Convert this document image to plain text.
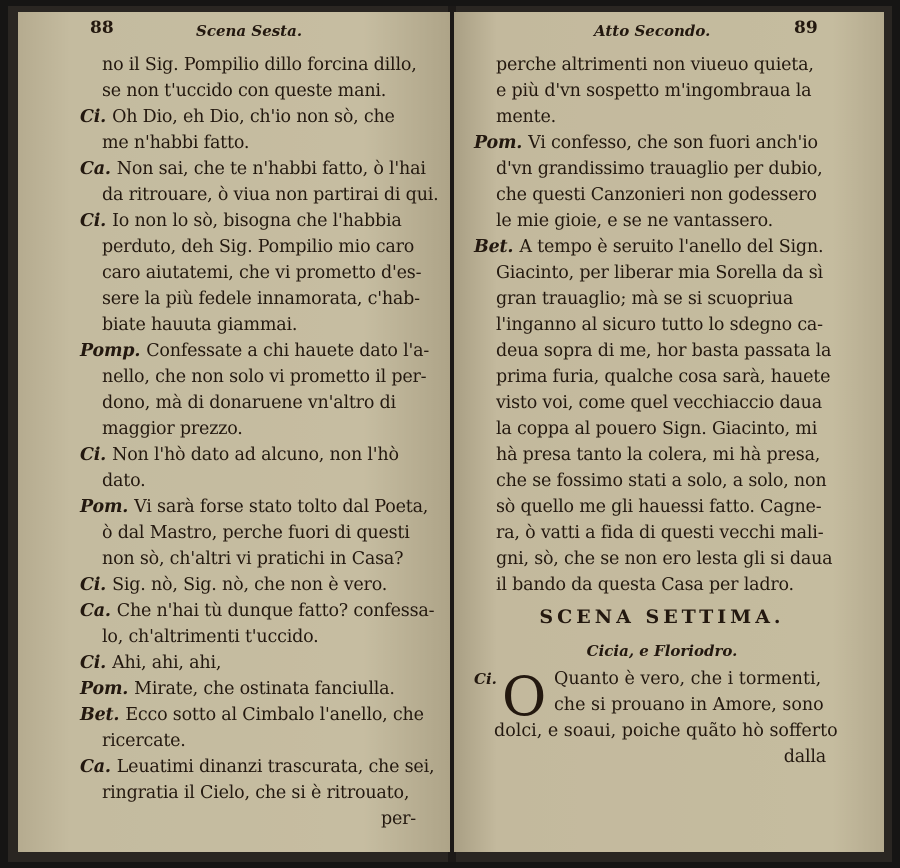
88	Scena Sesta.
no il Sig. Pompilio dillo forcina dillo,
se non t'uccido con queste mani.
Ci. Oh Dio, eh Dio, ch'io non sò, che
me n'habbi fatto.
Ca. Non sai, che te n'habbi fatto, ò l'hai
da ritrouare, ò viua non partirai di qui.
Ci. Io non lo sò, bisogna che l'habbia
perduto, deh Sig. Pompilio mio caro
caro aiutatemi, che vi prometto d'es-
sere la più fedele innamorata, c'hab-
biate hauuta giammai.
Pomp. Confessate a chi hauete dato l'a-
nello, che non solo vi prometto il per-
dono, mà di donaruene vn'altro di
maggior prezzo.
Ci. Non l'hò dato ad alcuno, non l'hò
dato.
Pom. Vi sarà forse stato tolto dal Poeta,
ò dal Mastro, perche fuori di questi
non sò, ch'altri vi pratichi in Casa?
Ci. Sig. nò, Sig. nò, che non è vero.
Ca. Che n'hai tù dunque fatto? confessa-
lo, ch'altrimenti t'uccido.
Ci. Ahi, ahi, ahi,
Pom. Mirate, che ostinata fanciulla.
Bet. Ecco sotto al Cimbalo l'anello, che
ricercate.
Ca. Leuatimi dinanzi trascurata, che sei,
ringratia il Cielo, che si è ritrouato,
per-
Atto Secondo.	89
perche altrimenti non viueuo quieta,
e più d'vn sospetto m'ingombraua la
mente.
Pom. Vi confesso, che son fuori anch'io
d'vn grandissimo trauaglio per dubio,
che questi Canzonieri non godessero
le mie gioie, e se ne vantassero.
Bet. A tempo è seruito l'anello del Sign.
Giacinto, per liberar mia Sorella da sì
gran trauaglio; mà se si scuopriua
l'inganno al sicuro tutto lo sdegno ca-
deua sopra di me, hor basta passata la
prima furia, qualche cosa sarà, hauete
visto voi, come quel vecchiaccio daua
la coppa al pouero Sign. Giacinto, mi
hà presa tanto la colera, mi hà presa,
che se fossimo stati a solo, a solo, non
sò quello me gli hauessi fatto. Cagne-
ra, ò vatti a fida di questi vecchi mali-
gni, sò, che se non ero lesta gli si daua
il bando da questa Casa per ladro.
SCENA SETTIMA.
Cicia, e Floriodro.
Ci. O Quanto è vero, che i tormenti,
che si prouano in Amore, sono
dolci, e soaui, poiche quãto hò sofferto
dalla
